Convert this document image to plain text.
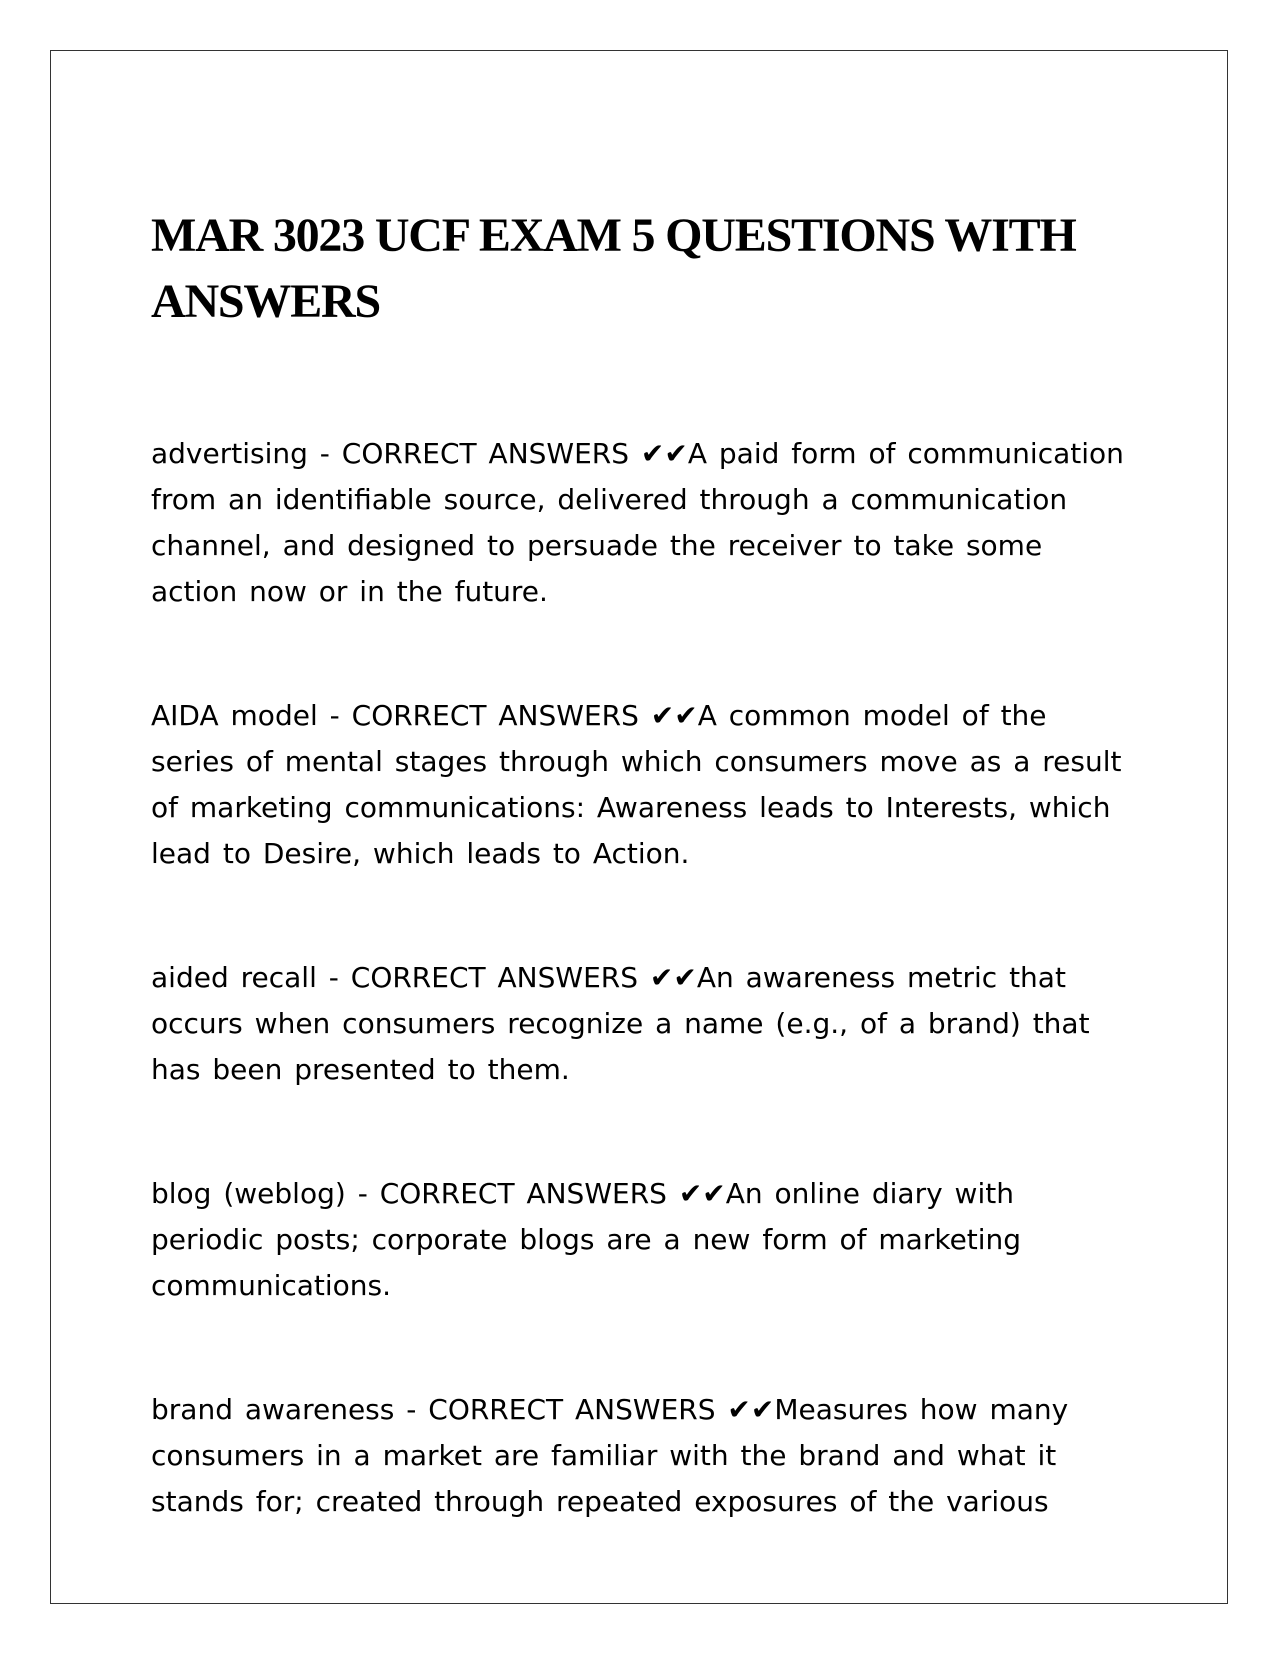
MAR 3023 UCF EXAM 5 QUESTIONS WITH ANSWERS

advertising - CORRECT ANSWERS ✔✔A paid form of communication from an identifiable source, delivered through a communication channel, and designed to persuade the receiver to take some action now or in the future.

AIDA model - CORRECT ANSWERS ✔✔A common model of the series of mental stages through which consumers move as a result of marketing communications: Awareness leads to Interests, which lead to Desire, which leads to Action.

aided recall - CORRECT ANSWERS ✔✔An awareness metric that occurs when consumers recognize a name (e.g., of a brand) that has been presented to them.

blog (weblog) - CORRECT ANSWERS ✔✔An online diary with periodic posts; corporate blogs are a new form of marketing communications.

brand awareness - CORRECT ANSWERS ✔✔Measures how many consumers in a market are familiar with the brand and what it stands for; created through repeated exposures of the various
